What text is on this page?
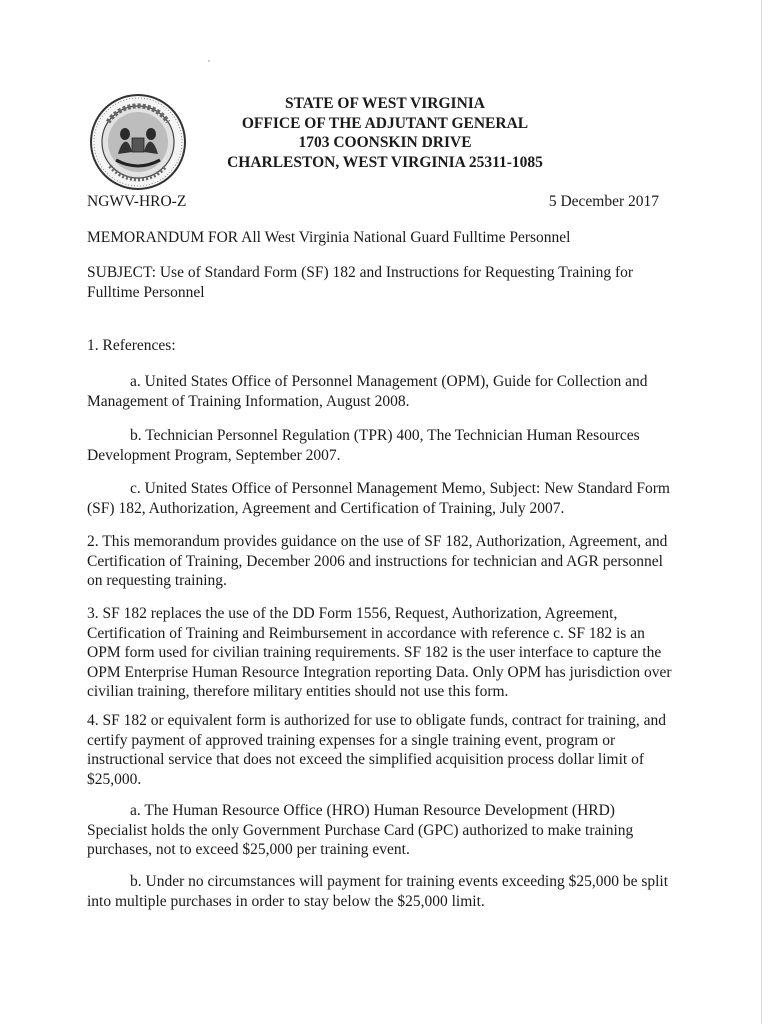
STATE OF WEST VIRGINIA
OFFICE OF THE ADJUTANT GENERAL
1703 COONSKIN DRIVE
CHARLESTON, WEST VIRGINIA 25311-1085
NGWV-HRO-Z	5 December 2017

MEMORANDUM FOR All West Virginia National Guard Fulltime Personnel

SUBJECT: Use of Standard Form (SF) 182 and Instructions for Requesting Training for Fulltime Personnel

1. References:

a. United States Office of Personnel Management (OPM), Guide for Collection and Management of Training Information, August 2008.

b. Technician Personnel Regulation (TPR) 400, The Technician Human Resources Development Program, September 2007.

c. United States Office of Personnel Management Memo, Subject: New Standard Form (SF) 182, Authorization, Agreement and Certification of Training, July 2007.

2. This memorandum provides guidance on the use of SF 182, Authorization, Agreement, and Certification of Training, December 2006 and instructions for technician and AGR personnel on requesting training.

3. SF 182 replaces the use of the DD Form 1556, Request, Authorization, Agreement, Certification of Training and Reimbursement in accordance with reference c. SF 182 is an OPM form used for civilian training requirements. SF 182 is the user interface to capture the OPM Enterprise Human Resource Integration reporting Data. Only OPM has jurisdiction over civilian training, therefore military entities should not use this form.

4. SF 182 or equivalent form is authorized for use to obligate funds, contract for training, and certify payment of approved training expenses for a single training event, program or instructional service that does not exceed the simplified acquisition process dollar limit of $25,000.

a. The Human Resource Office (HRO) Human Resource Development (HRD) Specialist holds the only Government Purchase Card (GPC) authorized to make training purchases, not to exceed $25,000 per training event.

b. Under no circumstances will payment for training events exceeding $25,000 be split into multiple purchases in order to stay below the $25,000 limit.
